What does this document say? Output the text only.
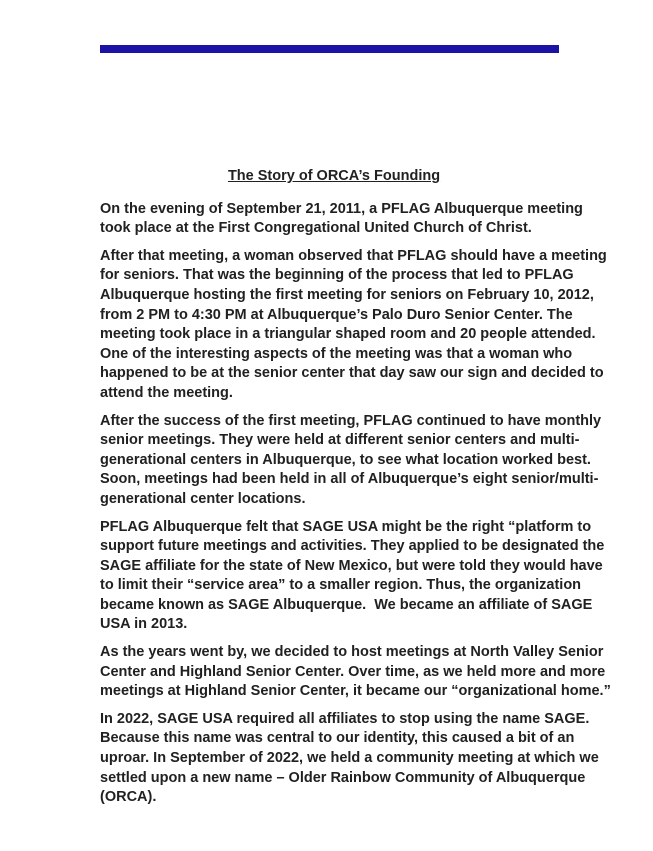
The Story of ORCA’s Founding

On the evening of September 21, 2011, a PFLAG Albuquerque meeting
took place at the First Congregational United Church of Christ.

After that meeting, a woman observed that PFLAG should have a meeting
for seniors. That was the beginning of the process that led to PFLAG
Albuquerque hosting the first meeting for seniors on February 10, 2012,
from 2 PM to 4:30 PM at Albuquerque’s Palo Duro Senior Center. The
meeting took place in a triangular shaped room and 20 people attended.
One of the interesting aspects of the meeting was that a woman who
happened to be at the senior center that day saw our sign and decided to
attend the meeting.

After the success of the first meeting, PFLAG continued to have monthly
senior meetings. They were held at different senior centers and multi-
generational centers in Albuquerque, to see what location worked best.
Soon, meetings had been held in all of Albuquerque’s eight senior/multi-
generational center locations.

PFLAG Albuquerque felt that SAGE USA might be the right “platform to
support future meetings and activities. They applied to be designated the
SAGE affiliate for the state of New Mexico, but were told they would have
to limit their “service area” to a smaller region. Thus, the organization
became known as SAGE Albuquerque.  We became an affiliate of SAGE
USA in 2013.

As the years went by, we decided to host meetings at North Valley Senior
Center and Highland Senior Center. Over time, as we held more and more
meetings at Highland Senior Center, it became our “organizational home.”

In 2022, SAGE USA required all affiliates to stop using the name SAGE.
Because this name was central to our identity, this caused a bit of an
uproar. In September of 2022, we held a community meeting at which we
settled upon a new name – Older Rainbow Community of Albuquerque
(ORCA).
